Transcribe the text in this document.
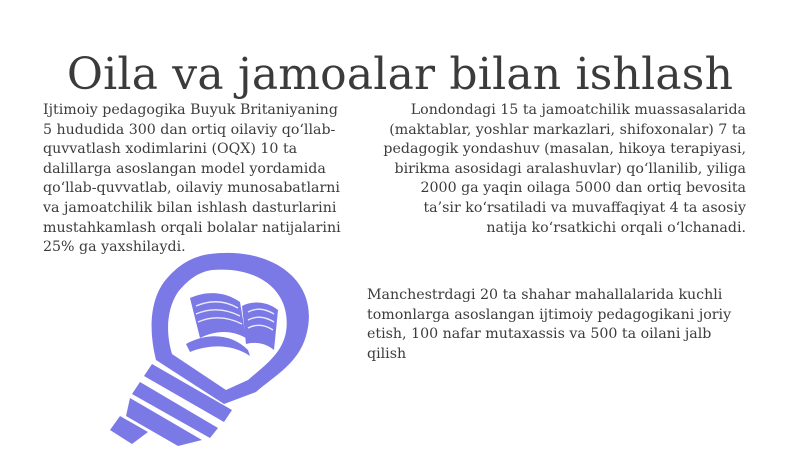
Oila va jamoalar bilan ishlash

Ijtimoiy pedagogika Buyuk Britaniyaning 5 hududida 300 dan ortiq oilaviy qo‘llab-quvvatlash xodimlarini (OQX) 10 ta dalillarga asoslangan model yordamida qo‘llab-quvvatlab, oilaviy munosabatlarni va jamoatchilik bilan ishlash dasturlarini mustahkamlash orqali bolalar natijalarini 25% ga yaxshilaydi.

Londondagi 15 ta jamoatchilik muassasalarida (maktablar, yoshlar markazlari, shifoxonalar) 7 ta pedagogik yondashuv (masalan, hikoya terapiyasi, birikma asosidagi aralashuvlar) qo‘llanilib, yiliga 2000 ga yaqin oilaga 5000 dan ortiq bevosita ta’sir ko‘rsatiladi va muvaffaqiyat 4 ta asosiy natija ko‘rsatkichi orqali o‘lchanadi.

Manchestrdagi 20 ta shahar mahallalarida kuchli tomonlarga asoslangan ijtimoiy pedagogikani joriy etish, 100 nafar mutaxassis va 500 ta oilani jalb qilish
